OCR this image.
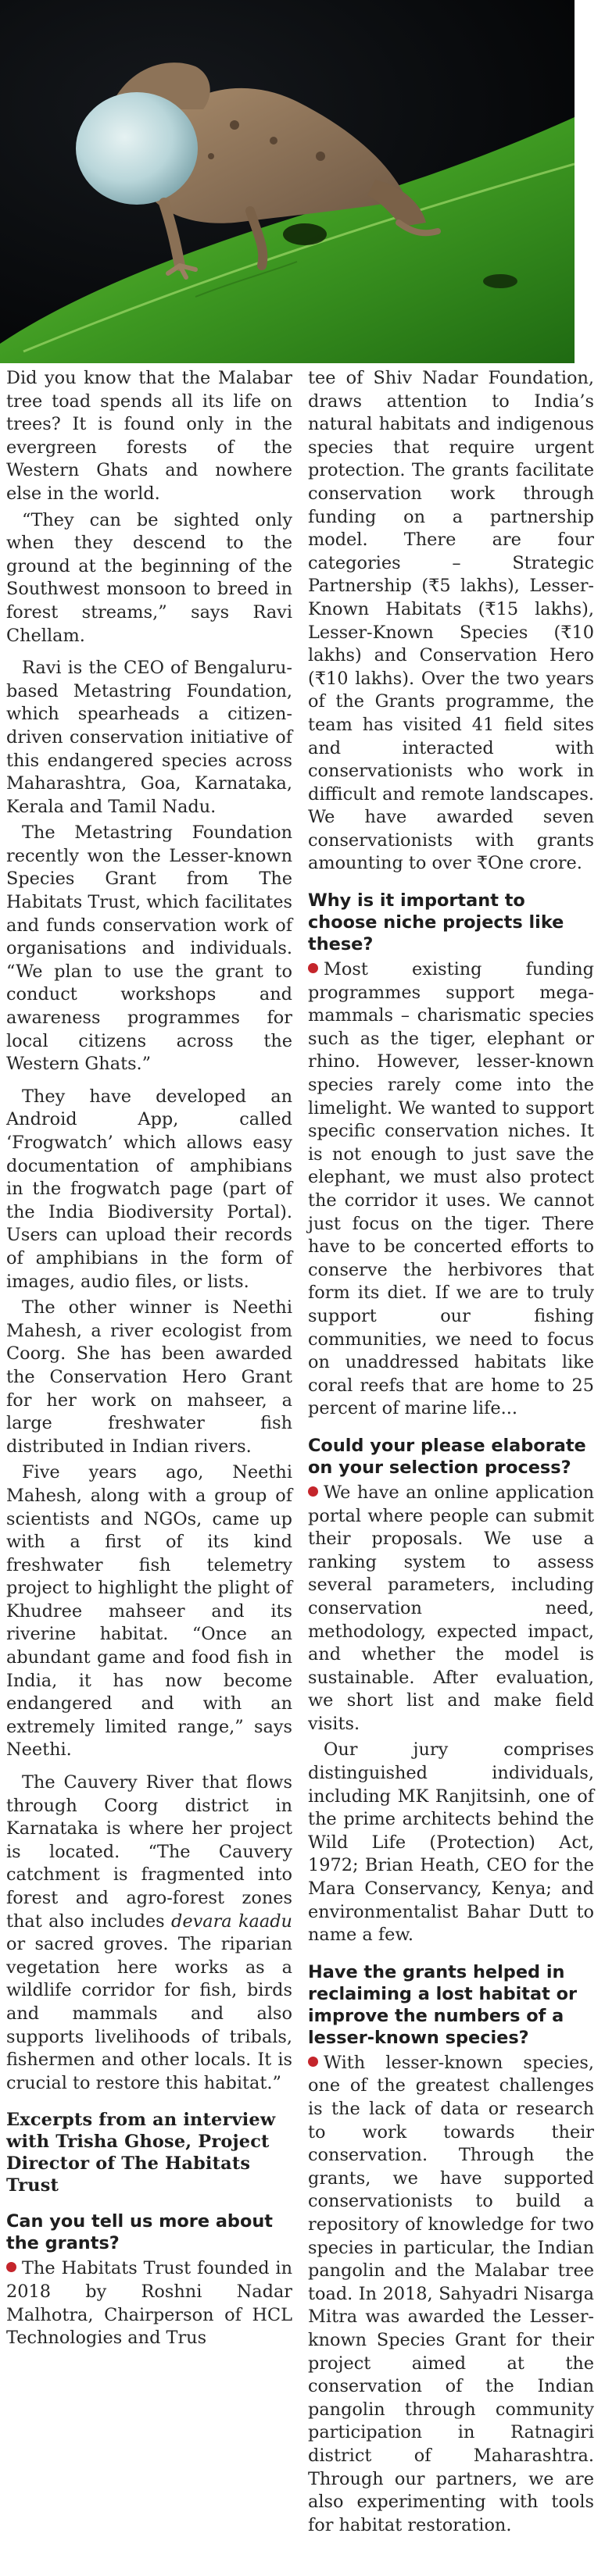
Did you know that the Malabar tree toad spends all its life on trees? It is found only in the evergreen forests of the Western Ghats and nowhere else in the world.

“They can be sighted only when they descend to the ground at the beginning of the Southwest monsoon to breed in forest streams,” says Ravi Chellam.

Ravi is the CEO of Bengaluru-based Metastring Foundation, which spearheads a citizen-driven conservation initiative of this endangered species across Maharashtra, Goa, Karnataka, Kerala and Tamil Nadu.

The Metastring Foundation recently won the Lesser-known Species Grant from The Habitats Trust, which facilitates and funds conservation work of organisations and individuals. “We plan to use the grant to conduct workshops and awareness programmes for local citizens across the Western Ghats.”

They have developed an Android App, called ‘Frogwatch’ which allows easy documentation of amphibians in the frogwatch page (part of the India Biodiversity Portal). Users can upload their records of amphibians in the form of images, audio files, or lists.

The other winner is Neethi Mahesh, a river ecologist from Coorg. She has been awarded the Conservation Hero Grant for her work on mahseer, a large freshwater fish distributed in Indian rivers.

Five years ago, Neethi Mahesh, along with a group of scientists and NGOs, came up with a first of its kind freshwater fish telemetry project to highlight the plight of Khudree mahseer and its riverine habitat. “Once an abundant game and food fish in India, it has now become endangered and with an extremely limited range,” says Neethi.

The Cauvery River that flows through Coorg district in Karnataka is where her project is located. “The Cauvery catchment is fragmented into forest and agro-forest zones that also includes devara kaadu or sacred groves. The riparian vegetation here works as a wildlife corridor for fish, birds and mammals and also supports livelihoods of tribals, fishermen and other locals. It is crucial to restore this habitat.”

Excerpts from an interview with Trisha Ghose, Project Director of The Habitats Trust
Can you tell us more about the grants?

The Habitats Trust founded in 2018 by Roshni Nadar Malhotra, Chairperson of HCL Technologies and Trus

tee of Shiv Nadar Foundation, draws attention to India’s natural habitats and indigenous species that require urgent protection. The grants facilitate conservation work through funding on a partnership model. There are four categories – Strategic Partnership (₹5 lakhs), Lesser-Known Habitats (₹15 lakhs), Lesser-Known Species (₹10 lakhs) and Conservation Hero (₹10 lakhs). Over the two years of the Grants programme, the team has visited 41 field sites and interacted with conservationists who work in difficult and remote landscapes. We have awarded seven conservationists with grants amounting to over ₹One crore.

Why is it important to choose niche projects like these?

Most existing funding programmes support mega-mammals – charismatic species such as the tiger, elephant or rhino. However, lesser-known species rarely come into the limelight. We wanted to support specific conservation niches. It is not enough to just save the elephant, we must also protect the corridor it uses. We cannot just focus on the tiger. There have to be concerted efforts to conserve the herbivores that form its diet. If we are to truly support our fishing communities, we need to focus on unaddressed habitats like coral reefs that are home to 25 percent of marine life...

Could your please elaborate on your selection process?

We have an online application portal where people can submit their proposals. We use a ranking system to assess several parameters, including conservation need, methodology, expected impact, and whether the model is sustainable. After evaluation, we short list and make field visits.

Our jury comprises distinguished individuals, including MK Ranjitsinh, one of the prime architects behind the Wild Life (Protection) Act, 1972; Brian Heath, CEO for the Mara Conservancy, Kenya; and environmentalist Bahar Dutt to name a few.

Have the grants helped in reclaiming a lost habitat or improve the numbers of a lesser-known species?

With lesser-known species, one of the greatest challenges is the lack of data or research to work towards their conservation. Through the grants, we have supported conservationists to build a repository of knowledge for two species in particular, the Indian pangolin and the Malabar tree toad. In 2018, Sahyadri Nisarga Mitra was awarded the Lesser-known Species Grant for their project aimed at the conservation of the Indian pangolin through community participation in Ratnagiri district of Maharashtra. Through our partners, we are also experimenting with tools for habitat restoration.
